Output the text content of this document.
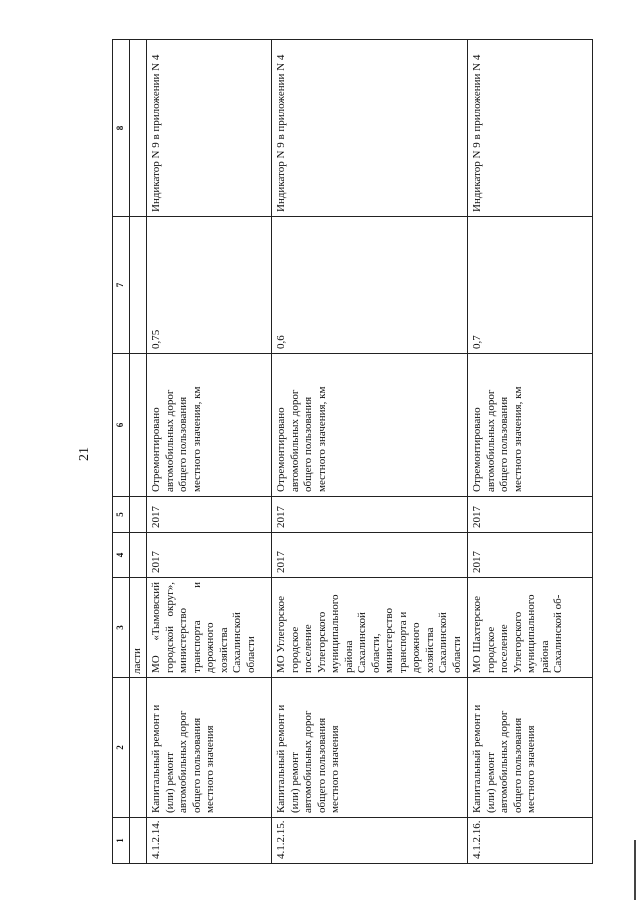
21
1	2	3	4	5	6	7	8
		ласти					
4.1.2.14.	Капитальный ремонт и (или) ремонт автомобильных дорог общего пользования местного значения	МО «Тымовский городской округ», министерство транспорта и дорожного хозяйства Сахалинской области	2017	2017	Отремонтировано автомобильных дорог общего пользования местного значения, км	0,75	Индикатор N 9 в приложении N 4
4.1.2.15.	Капитальный ремонт и (или) ремонт автомобильных дорог общего пользования местного значения	МО Углегорское городское поселение Углегорского муниципального района Сахалинской области, министерство транспорта и дорожного хозяйства Сахалинской области	2017	2017	Отремонтировано автомобильных дорог общего пользования местного значения, км	0,6	Индикатор N 9 в приложении N 4
4.1.2.16.	Капитальный ремонт и (или) ремонт автомобильных дорог общего пользования местного значения	МО Шахтерское городское поселение Углегорского муниципального района Сахалинской об-	2017	2017	Отремонтировано автомобильных дорог общего пользования местного значения, км	0,7	Индикатор N 9 в приложении N 4
